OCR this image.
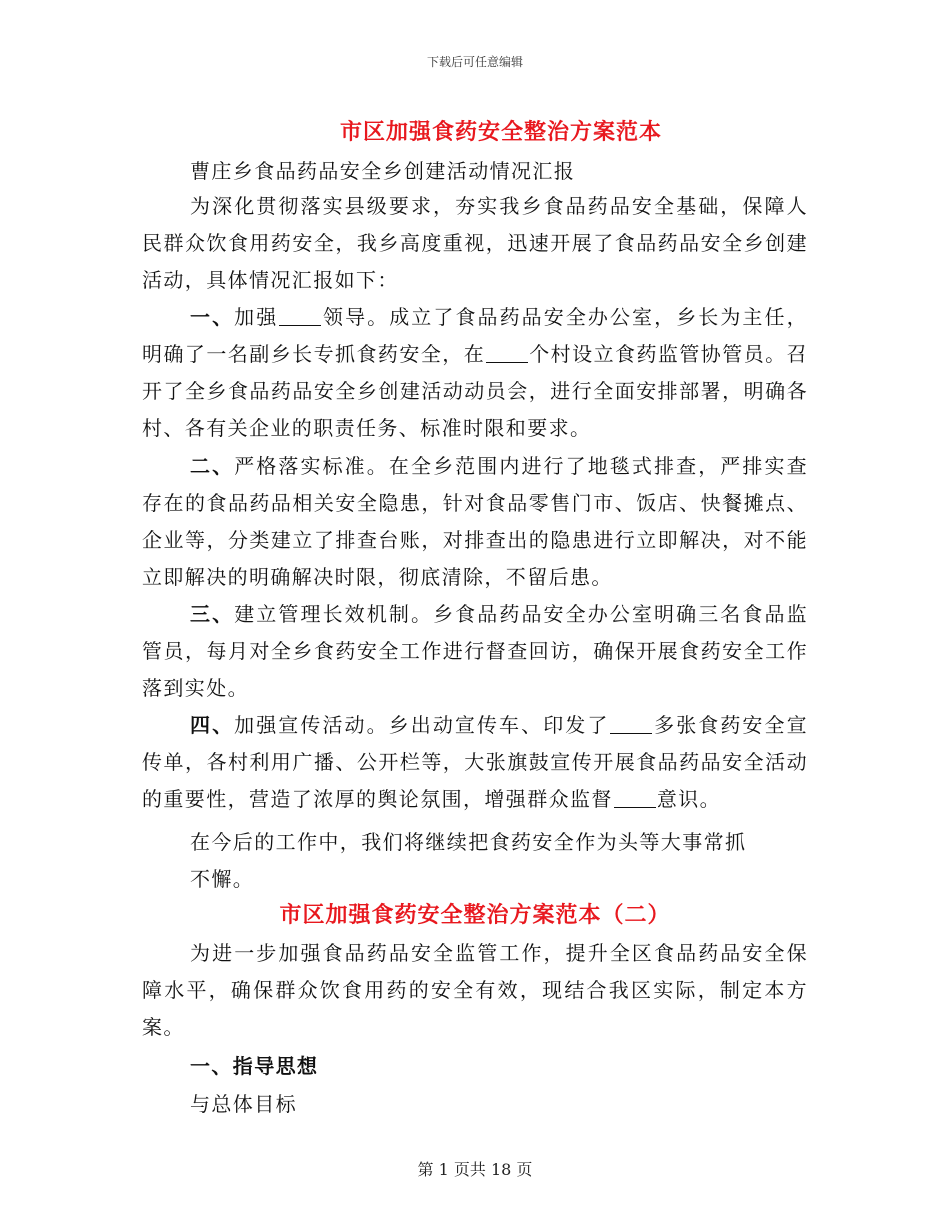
下载后可任意编辑
市区加强食药安全整治方案范本
曹庄乡食品药品安全乡创建活动情况汇报

为深化贯彻落实县级要求，夯实我乡食品药品安全基础，保障人民群众饮食用药安全，我乡高度重视，迅速开展了食品药品安全乡创建活动，具体情况汇报如下：

一、加强 领导。成立了食品药品安全办公室，乡长为主任，明确了一名副乡长专抓食药安全，在 个村设立食药监管协管员。召开了全乡食品药品安全乡创建活动动员会，进行全面安排部署，明确各村、各有关企业的职责任务、标准时限和要求。

二、严格落实标准。在全乡范围内进行了地毯式排查，严排实查存在的食品药品相关安全隐患，针对食品零售门市、饭店、快餐摊点、企业等，分类建立了排查台账，对排查出的隐患进行立即解决，对不能立即解决的明确解决时限，彻底清除，不留后患。

三、建立管理长效机制。乡食品药品安全办公室明确三名食品监管员，每月对全乡食药安全工作进行督查回访，确保开展食药安全工作落到实处。

四、加强宣传活动。乡出动宣传车、印发了 多张食药安全宣传单，各村利用广播、公开栏等，大张旗鼓宣传开展食品药品安全活动的重要性，营造了浓厚的舆论氛围，增强群众监督 意识。

在今后的工作中，我们将继续把食药安全作为头等大事常抓
不懈。
市区加强食药安全整治方案范本（二）

为进一步加强食品药品安全监管工作，提升全区食品药品安全保障水平，确保群众饮食用药的安全有效，现结合我区实际，制定本方案。

一、指导思想
与总体目标
第 1 页共 18 页
